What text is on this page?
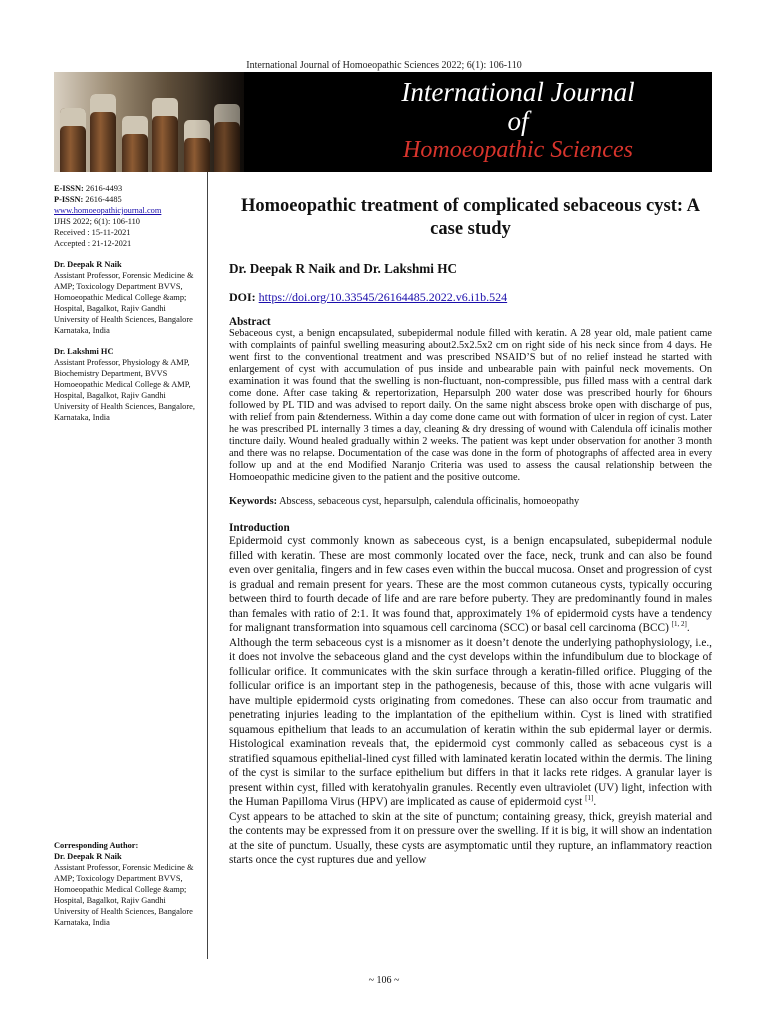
International Journal of Homoeopathic Sciences 2022; 6(1): 106-110
International Journal
of
Homoeopathic Sciences
E-ISSN: 2616-4493
P-ISSN: 2616-4485
www.homoeopathicjournal.com
IJHS 2022; 6(1): 106-110
Received : 15-11-2021
Accepted : 21-12-2021
Dr. Deepak R Naik
Assistant Professor, Forensic Medicine & AMP; Toxicology Department BVVS, Homoeopathic Medical College &amp; Hospital, Bagalkot, Rajiv Gandhi University of Health Sciences, Bangalore Karnataka, India
Dr. Lakshmi HC
Assistant Professor, Physiology & AMP, Biochemistry Department, BVVS Homoeopathic Medical College & AMP, Hospital, Bagalkot, Rajiv Gandhi University of Health Sciences, Bangalore, Karnataka, India
Corresponding Author:
Dr. Deepak R Naik
Assistant Professor, Forensic Medicine & AMP; Toxicology Department BVVS, Homoeopathic Medical College &amp; Hospital, Bagalkot, Rajiv Gandhi University of Health Sciences, Bangalore Karnataka, India
Homoeopathic treatment of complicated sebaceous cyst: A case study
Dr. Deepak R Naik and Dr. Lakshmi HC
DOI: https://doi.org/10.33545/26164485.2022.v6.i1b.524
Abstract

Sebaceous cyst, a benign encapsulated, subepidermal nodule filled with keratin. A 28 year old, male patient came with complaints of painful swelling measuring about2.5x2.5x2 cm on right side of his neck since from 4 days. He went first to the conventional treatment and was prescribed NSAID’S but of no relief instead he started with enlargement of cyst with accumulation of pus inside and unbearable pain with painful neck movements. On examination it was found that the swelling is non-fluctuant, non-compressible, pus filled mass with a central dark come done. After case taking & repertorization, Heparsulph 200 water dose was prescribed hourly for 6hours followed by PL TID and was advised to report daily. On the same night abscess broke open with discharge of pus, with relief from pain &tenderness. Within a day come done came out with formation of ulcer in region of cyst. Later he was prescribed PL internally 3 times a day, cleaning & dry dressing of wound with Calendula off icinalis mother tincture daily. Wound healed gradually within 2 weeks. The patient was kept under observation for another 3 month and there was no relapse. Documentation of the case was done in the form of photographs of affected area in every follow up and at the end Modified Naranjo Criteria was used to assess the causal relationship between the Homoeopathic medicine given to the patient and the positive outcome.

Keywords: Abscess, sebaceous cyst, heparsulph, calendula officinalis, homoeopathy
Introduction

Epidermoid cyst commonly known as sabeceous cyst, is a benign encapsulated, subepidermal nodule filled with keratin. These are most commonly located over the face, neck, trunk and can also be found even over genitalia, fingers and in few cases even within the buccal mucosa. Onset and progression of cyst is gradual and remain present for years. These are the most common cutaneous cysts, typically occuring between third to fourth decade of life and are rare before puberty. They are predominantly found in males than females with ratio of 2:1. It was found that, approximately 1% of epidermoid cysts have a tendency for malignant transformation into squamous cell carcinoma (SCC) or basal cell carcinoma (BCC) [1, 2].

Although the term sebaceous cyst is a misnomer as it doesn’t denote the underlying pathophysiology, i.e., it does not involve the sebaceous gland and the cyst develops within the infundibulum due to blockage of follicular orifice. It communicates with the skin surface through a keratin-filled orifice. Plugging of the follicular orifice is an important step in the pathogenesis, because of this, those with acne vulgaris will have multiple epidermoid cysts originating from comedones. These can also occur from traumatic and penetrating injuries leading to the implantation of the epithelium within. Cyst is lined with stratified squamous epithelium that leads to an accumulation of keratin within the sub epidermal layer or dermis. Histological examination reveals that, the epidermoid cyst commonly called as sebaceous cyst is a stratified squamous epithelial-lined cyst filled with laminated keratin located within the dermis. The lining of the cyst is similar to the surface epithelium but differs in that it lacks rete ridges. A granular layer is present within cyst, filled with keratohyalin granules. Recently even ultraviolet (UV) light, infection with the Human Papilloma Virus (HPV) are implicated as cause of epidermoid cyst [1].

Cyst appears to be attached to skin at the site of punctum; containing greasy, thick, greyish material and the contents may be expressed from it on pressure over the swelling. If it is big, it will show an indentation at the site of punctum. Usually, these cysts are asymptomatic until they rupture, an inflammatory reaction starts once the cyst ruptures due and yellow

~ 106 ~
